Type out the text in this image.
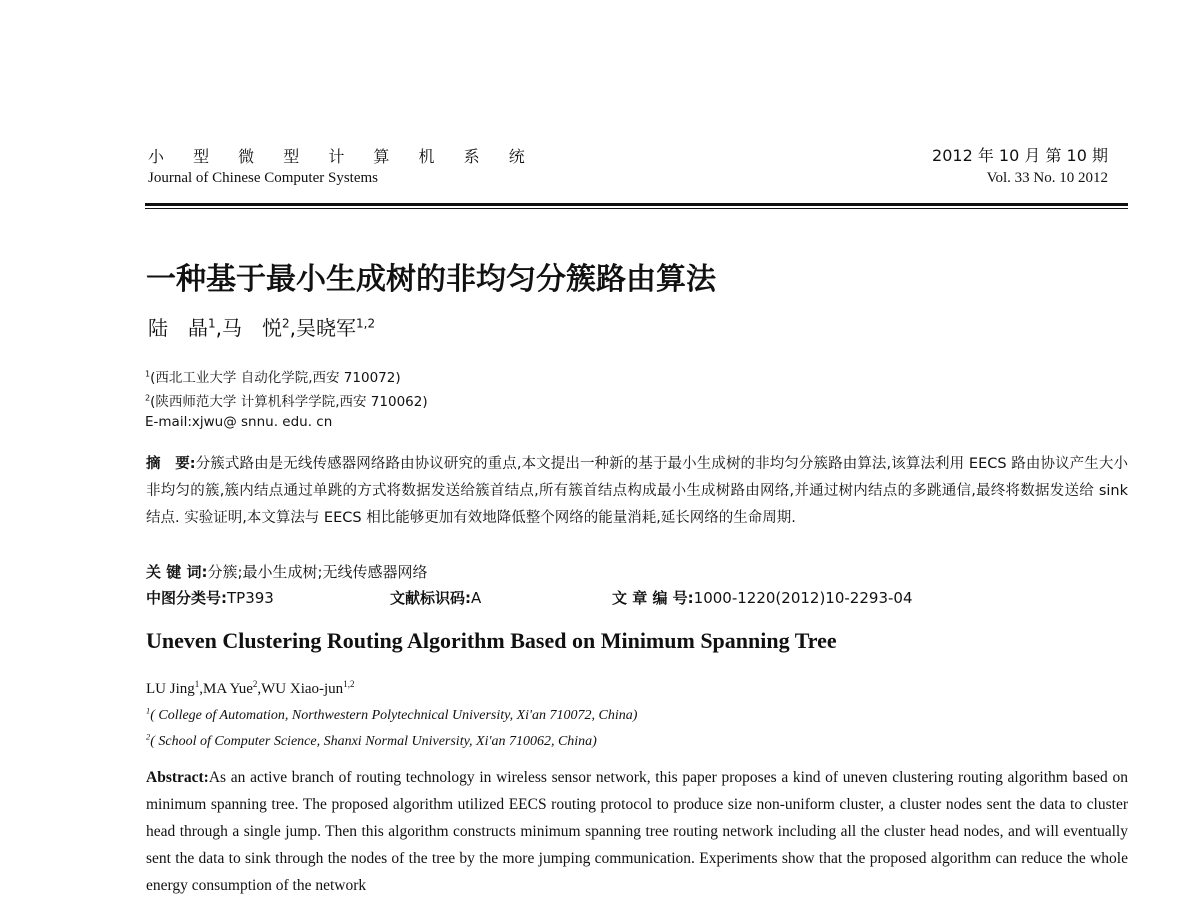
小 型 微 型 计 算 机 系 统
Journal of Chinese Computer Systems
2012 年 10 月 第 10 期
Vol. 33 No. 10 2012
一种基于最小生成树的非均匀分簇路由算法
陆　晶$^1$,马　悦$^2$,吴晓军$^{1,2}$
$^1$(西北工业大学 自动化学院,西安 710072)
$^2$(陕西师范大学 计算机科学学院,西安 710062)
E-mail:xjwu@ snnu. edu. cn
摘　要:分簇式路由是无线传感器网络路由协议研究的重点,本文提出一种新的基于最小生成树的非均匀分簇路由算法,该算法利用 EECS 路由协议产生大小非均匀的簇,簇内结点通过单跳的方式将数据发送给簇首结点,所有簇首结点构成最小生成树路由网络,并通过树内结点的多跳通信,最终将数据发送给 sink 结点. 实验证明,本文算法与 EECS 相比能够更加有效地降低整个网络的能量消耗,延长网络的生命周期.
关 键 词:分簇;最小生成树;无线传感器网络
中图分类号:TP393	文献标识码:A	文 章 编 号:1000-1220(2012)10-2293-04
Uneven Clustering Routing Algorithm Based on Minimum Spanning Tree
LU Jing$^1$,MA Yue$^2$,WU Xiao-jun$^{1,2}$
$^1$( College of Automation, Northwestern Polytechnical University, Xi'an 710072, China)
$^2$( School of Computer Science, Shanxi Normal University, Xi'an 710062, China)
Abstract:As an active branch of routing technology in wireless sensor network, this paper proposes a kind of uneven clustering routing algorithm based on minimum spanning tree. The proposed algorithm utilized EECS routing protocol to produce size non-uniform cluster, a cluster nodes sent the data to cluster head through a single jump. Then this algorithm constructs minimum spanning tree routing network including all the cluster head nodes, and will eventually sent the data to sink through the nodes of the tree by the more jumping communication. Experiments show that the proposed algorithm can reduce the whole energy consumption of the network
